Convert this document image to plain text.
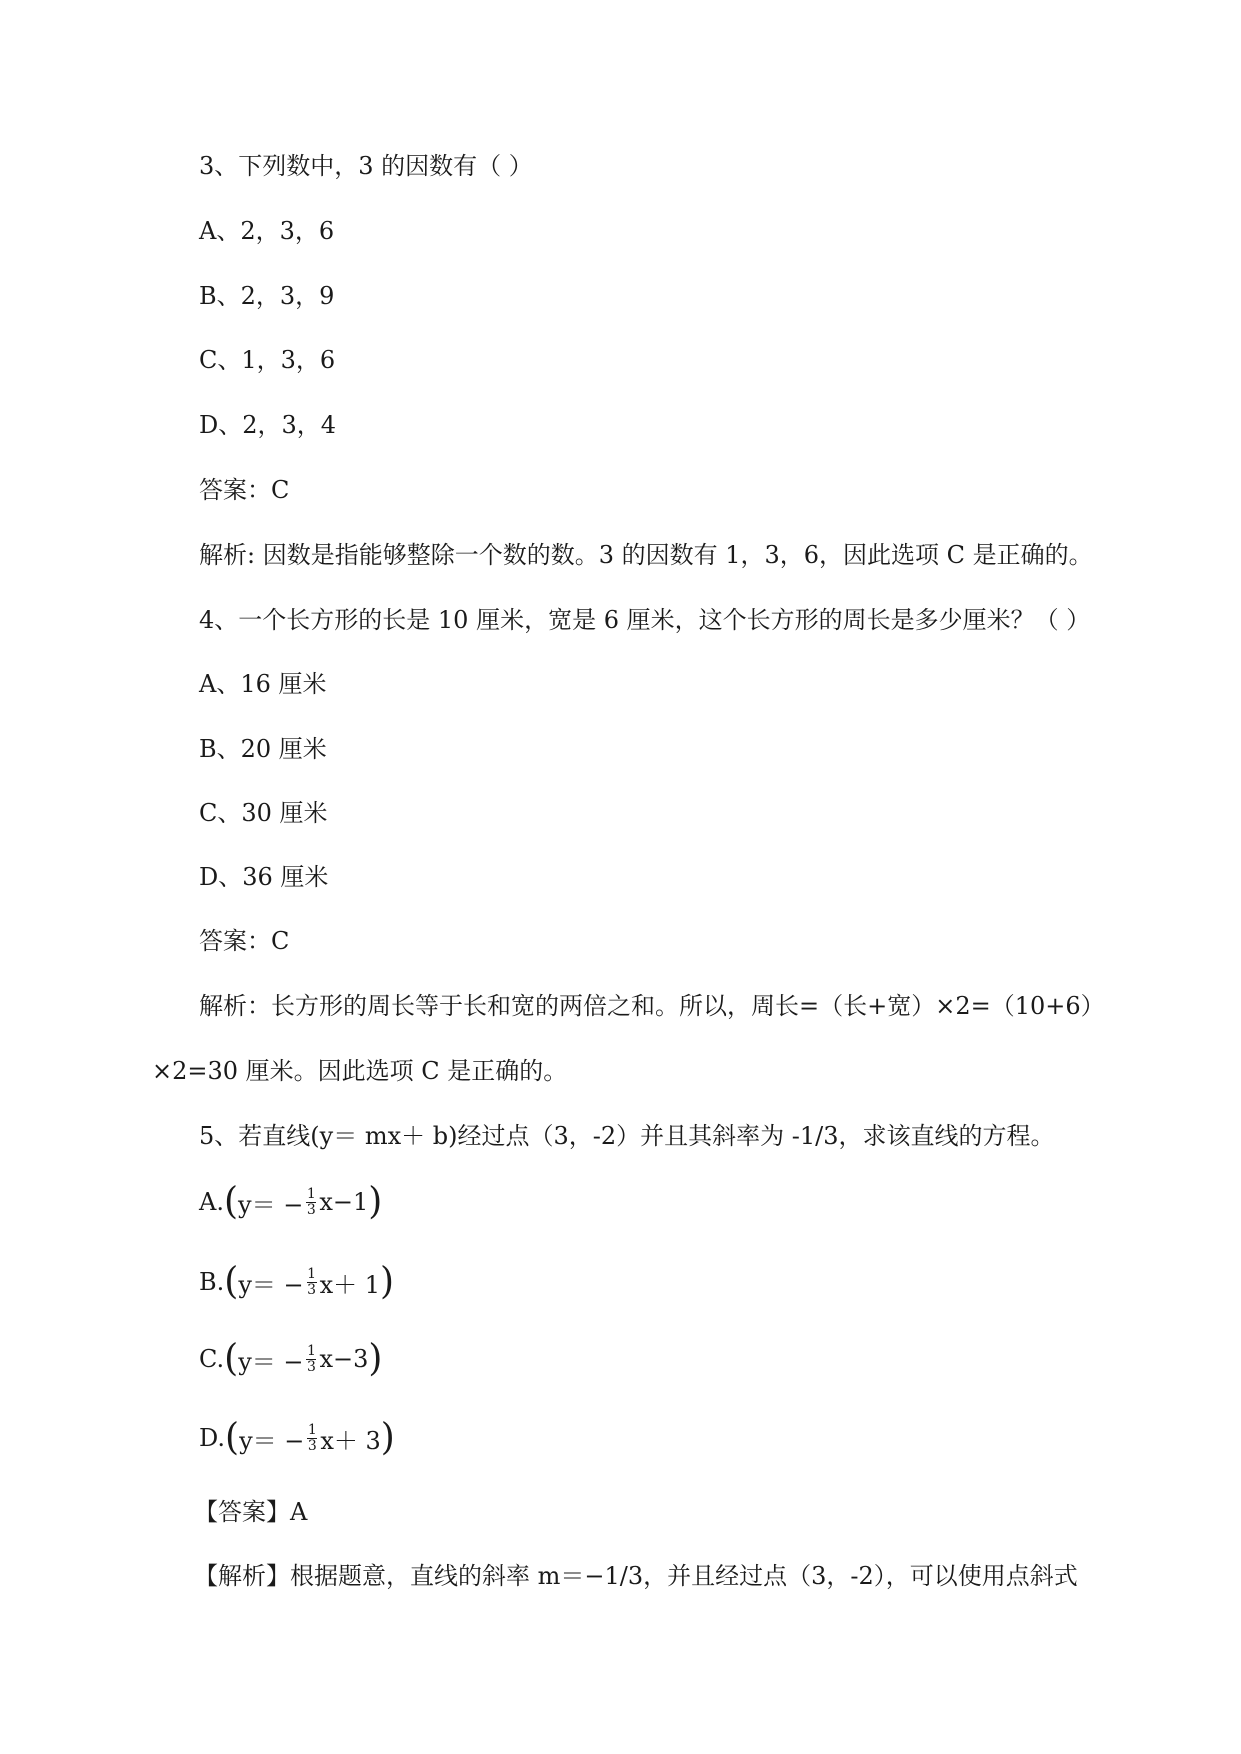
3、下列数中，3 的因数有（ ）
A、2，3，6
B、2，3，9
C、1，3，6
D、2，3，4
答案：C
解析: 因数是指能够整除一个数的数。3 的因数有 1，3，6，因此选项 C 是正确的。
4、一个长方形的长是 10 厘米，宽是 6 厘米，这个长方形的周长是多少厘米？（ ）
A、16 厘米
B、20 厘米
C、30 厘米
D、36 厘米
答案：C
解析：长方形的周长等于长和宽的两倍之和。所以，周长=（长+宽）×2=（10+6）
×2=30 厘米。因此选项 C 是正确的。
5、若直线(y＝ mx＋ b)经过点（3，-2）并且其斜率为 -1/3，求该直线的方程。
A. ( $y= - \frac{1}{3} x-1$ )
B. ( $y= - \frac{1}{3} x+ 1$ )
C. ( $y= - \frac{1}{3} x-3$ )
D. ( $y= - \frac{1}{3} x+ 3$ )
【答案】A
【解析】根据题意，直线的斜率 m＝−1/3，并且经过点（3，-2），可以使用点斜式
